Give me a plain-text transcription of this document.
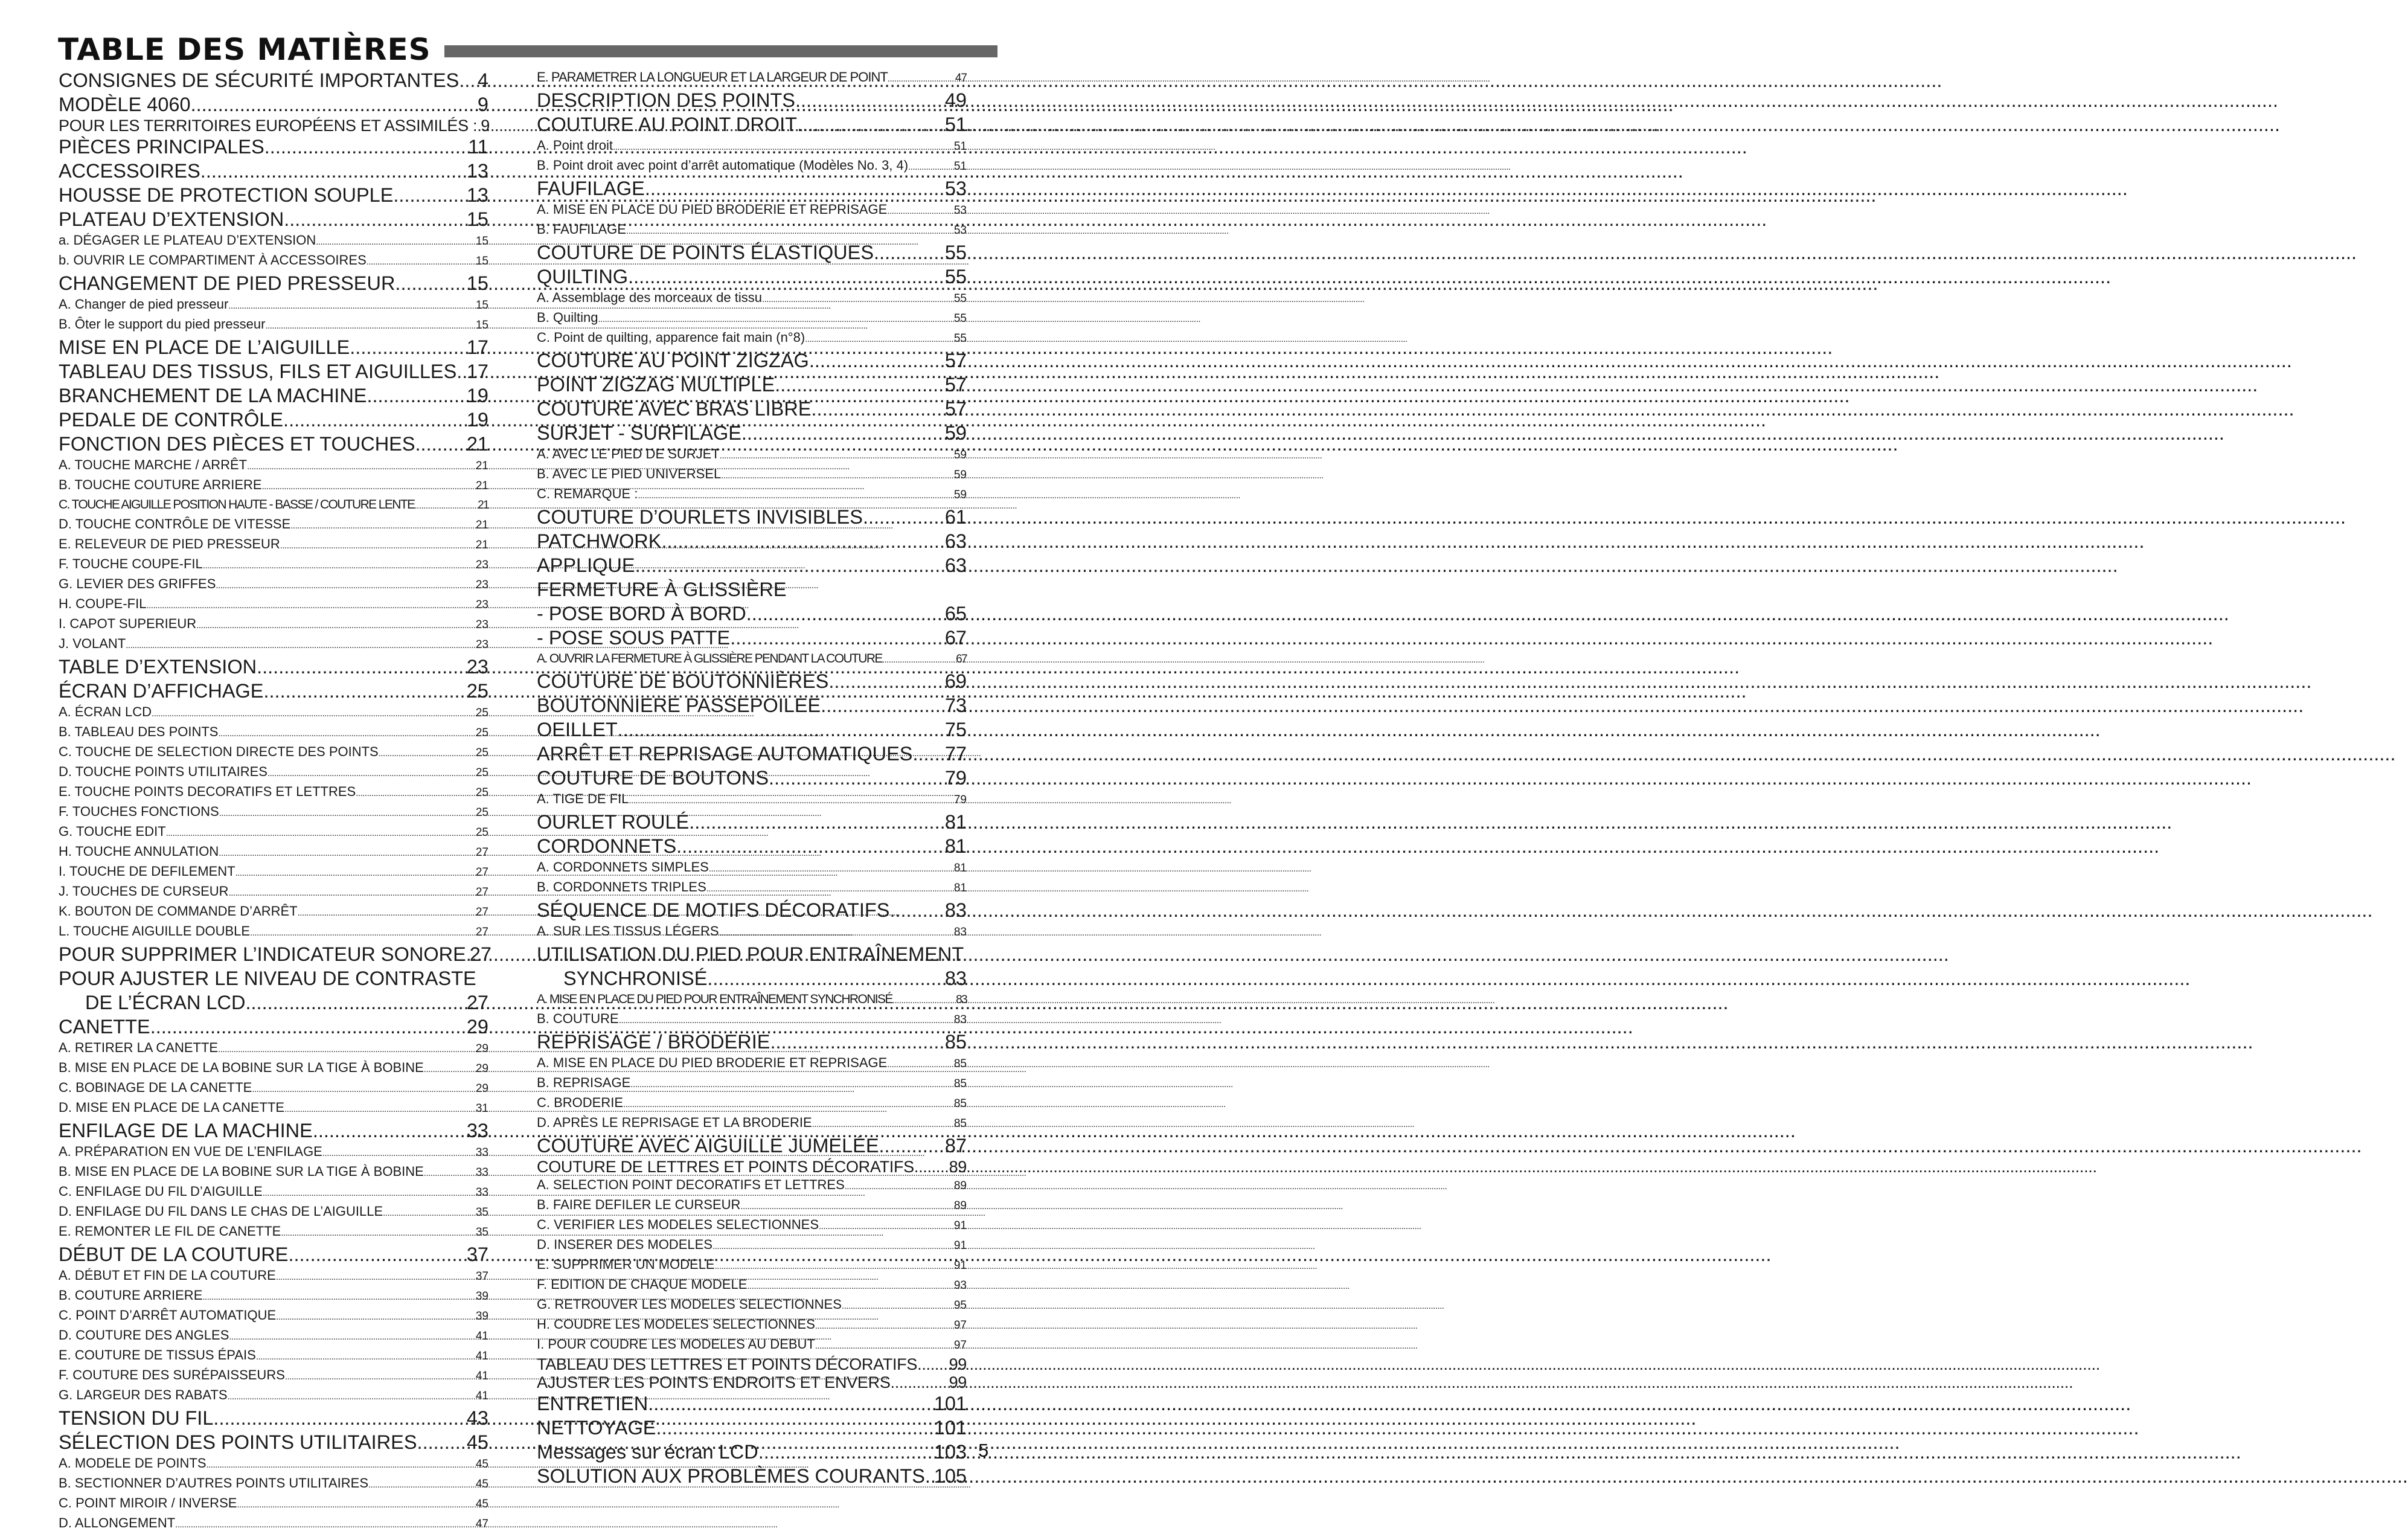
TABLE DES MATIÈRES
CONSIGNES DE SÉCURITÉ IMPORTANTES ..... 4
MODÈLE 4060 .....	9
POUR LES TERRITOIRES EUROPÉENS ET ASSIMILÉS : ..... 9
PIÈCES PRINCIPALES .....	11
ACCESSOIRES .....	13
HOUSSE DE PROTECTION SOUPLE .....	13
PLATEAU D’EXTENSION .....	15
a. DÉGAGER LE PLATEAU D’EXTENSION .....	15
b. OUVRIR LE COMPARTIMENT À ACCESSOIRES .....	15
CHANGEMENT DE PIED PRESSEUR .....	15
A. Changer de pied presseur .....	15
B. Ôter le support du pied presseur .....	15
MISE EN PLACE DE L’AIGUILLE .....	17
TABLEAU DES TISSUS, FILS ET AIGUILLES ..... 17
BRANCHEMENT DE LA MACHINE .....	19
PEDALE DE CONTRÔLE .....	19
FONCTION DES PIÈCES ET TOUCHES .....	21
A. TOUCHE MARCHE / ARRÊT .....	21
B. TOUCHE COUTURE ARRIERE .....	21
C. TOUCHE AIGUILLE POSITION HAUTE - BASSE / COUTURE LENTE .....	21
D. TOUCHE CONTRÔLE DE VITESSE .....	21
E. RELEVEUR DE PIED PRESSEUR .....	21
F. TOUCHE COUPE-FIL .....	23
G. LEVIER DES GRIFFES .....	23
H. COUPE-FIL .....	23
I. CAPOT SUPERIEUR .....	23
J. VOLANT .....	23
TABLE D’EXTENSION .....	23
ÉCRAN D’AFFICHAGE .....	25
A. ÉCRAN LCD .....	25
B. TABLEAU DES POINTS .....	25
C. TOUCHE DE SELECTION DIRECTE DES POINTS .....	25
D. TOUCHE POINTS UTILITAIRES .....	25
E. TOUCHE POINTS DECORATIFS ET LETTRES .....	25
F. TOUCHES FONCTIONS .....	25
G. TOUCHE EDIT .....	25
H. TOUCHE ANNULATION .....	27
I. TOUCHE DE DEFILEMENT .....	27
J. TOUCHES DE CURSEUR .....	27
K. BOUTON DE COMMANDE D’ARRÊT .....	27
L. TOUCHE AIGUILLE DOUBLE .....	27
POUR SUPPRIMER L’INDICATEUR SONORE ..... 27
POUR AJUSTER LE NIVEAU DE CONTRASTE
DE L’ÉCRAN LCD .....	27
CANETTE .....	29
A. RETIRER LA CANETTE .....	29
B. MISE EN PLACE DE LA BOBINE SUR LA TIGE À BOBINE .....	29
C. BOBINAGE DE LA CANETTE .....	29
D. MISE EN PLACE DE LA CANETTE .....	31
ENFILAGE DE LA MACHINE .....	33
A. PRÉPARATION EN VUE DE L’ENFILAGE .....	33
B. MISE EN PLACE DE LA BOBINE SUR LA TIGE À BOBINE .....	33
C. ENFILAGE DU FIL D’AIGUILLE .....	33
D. ENFILAGE DU FIL DANS LE CHAS DE L’AIGUILLE .....	35
E. REMONTER LE FIL DE CANETTE .....	35
DÉBUT DE LA COUTURE .....	37
A. DÉBUT ET FIN DE LA COUTURE .....	37
B. COUTURE ARRIERE .....	39
C. POINT D’ARRÊT AUTOMATIQUE .....	39
D. COUTURE DES ANGLES .....	41
E. COUTURE DE TISSUS ÉPAIS .....	41
F. COUTURE DES SURÉPAISSEURS .....	41
G. LARGEUR DES RABATS .....	41
TENSION DU FIL .....	43
SÉLECTION DES POINTS UTILITAIRES .....	45
A. MODELE DE POINTS .....	45
B. SECTIONNER D’AUTRES POINTS UTILITAIRES .....	45
C. POINT MIROIR / INVERSE .....	45
D. ALLONGEMENT .....	47
E. PARAMETRER LA LONGUEUR ET LA LARGEUR DE POINT .....	47
DESCRIPTION DES POINTS .....	49
COUTURE AU POINT DROIT .....	51
A. Point droit .....	51
B. Point droit avec point d’arrêt automatique (Modèles No. 3, 4) .....	51
FAUFILAGE .....	53
A. MISE EN PLACE DU PIED BRODERIE ET REPRISAGE .....	53
B. FAUFILAGE .....	53
COUTURE DE POINTS ÉLASTIQUES .....	55
QUILTING .....	55
A. Assemblage des morceaux de tissu .....	55
B. Quilting .....	55
C. Point de quilting, apparence fait main (n°8) .....	55
COUTURE AU POINT ZIGZAG .....	57
POINT ZIGZAG MULTIPLE .....	57
COUTURE AVEC BRAS LIBRE .....	57
SURJET - SURFILAGE .....	59
A. AVEC LE PIED DE SURJET .....	59
B. AVEC LE PIED UNIVERSEL .....	59
C. REMARQUE : .....	59
COUTURE D’OURLETS INVISIBLES .....	61
PATCHWORK .....	63
APPLIQUE .....	63
FERMETURE À GLISSIÈRE
- POSE BORD À BORD .....	65
- POSE SOUS PATTE .....	67
A. OUVRIR LA FERMETURE À GLISSIÈRE PENDANT LA COUTURE .....	67
COUTURE DE BOUTONNIÈRES .....	69
BOUTONNIERE PASSEPOILEE .....	73
OEILLET .....	75
ARRÊT ET REPRISAGE AUTOMATIQUES ..... 77
COUTURE DE BOUTONS .....	79
A. TIGE DE FIL .....	79
OURLET ROULÉ .....	81
CORDONNETS .....	81
A. CORDONNETS SIMPLES .....	81
B. CORDONNETS TRIPLES .....	81
SÉQUENCE DE MOTIFS DÉCORATIFS .....	83
A. SUR LES TISSUS LÉGERS .....	83
UTILISATION DU PIED POUR ENTRAÎNEMENT
SYNCHRONISÉ .....	83
A. MISE EN PLACE DU PIED POUR ENTRAÎNEMENT SYNCHRONISÉ .....	83
B. COUTURE .....	83
REPRISAGE / BRODERIE .....	85
A. MISE EN PLACE DU PIED BRODERIE ET REPRISAGE .....	85
B. REPRISAGE .....	85
C. BRODERIE .....	85
D. APRÈS LE REPRISAGE ET LA BRODERIE .....	85
COUTURE AVEC AIGUILLE JUMELÉE .....	87
COUTURE DE LETTRES ET POINTS DÉCORATIFS ..... 89
A. SELECTION POINT DECORATIFS ET LETTRES .....	89
B. FAIRE DEFILER LE CURSEUR .....	89
C. VERIFIER LES MODELES SELECTIONNES .....	91
D. INSERER DES MODELES .....	91
E. SUPPRIMER UN MODELE .....	91
F. EDITION DE CHAQUE MODELE .....	93
G. RETROUVER LES MODELES SELECTIONNES .....	95
H. COUDRE LES MODELES SELECTIONNES .....	97
I. POUR COUDRE LES MODELES AU DEBUT .....	97
TABLEAU DES LETTRES ET POINTS DÉCORATIFS ..... 99
AJUSTER LES POINTS ENDROITS ET ENVERS .....	99
ENTRETIEN .....	101
NETTOYAGE .....	101
Messages sur écran LCD .....	103
SOLUTION AUX PROBLÈMES COURANTS ..... 105
5
